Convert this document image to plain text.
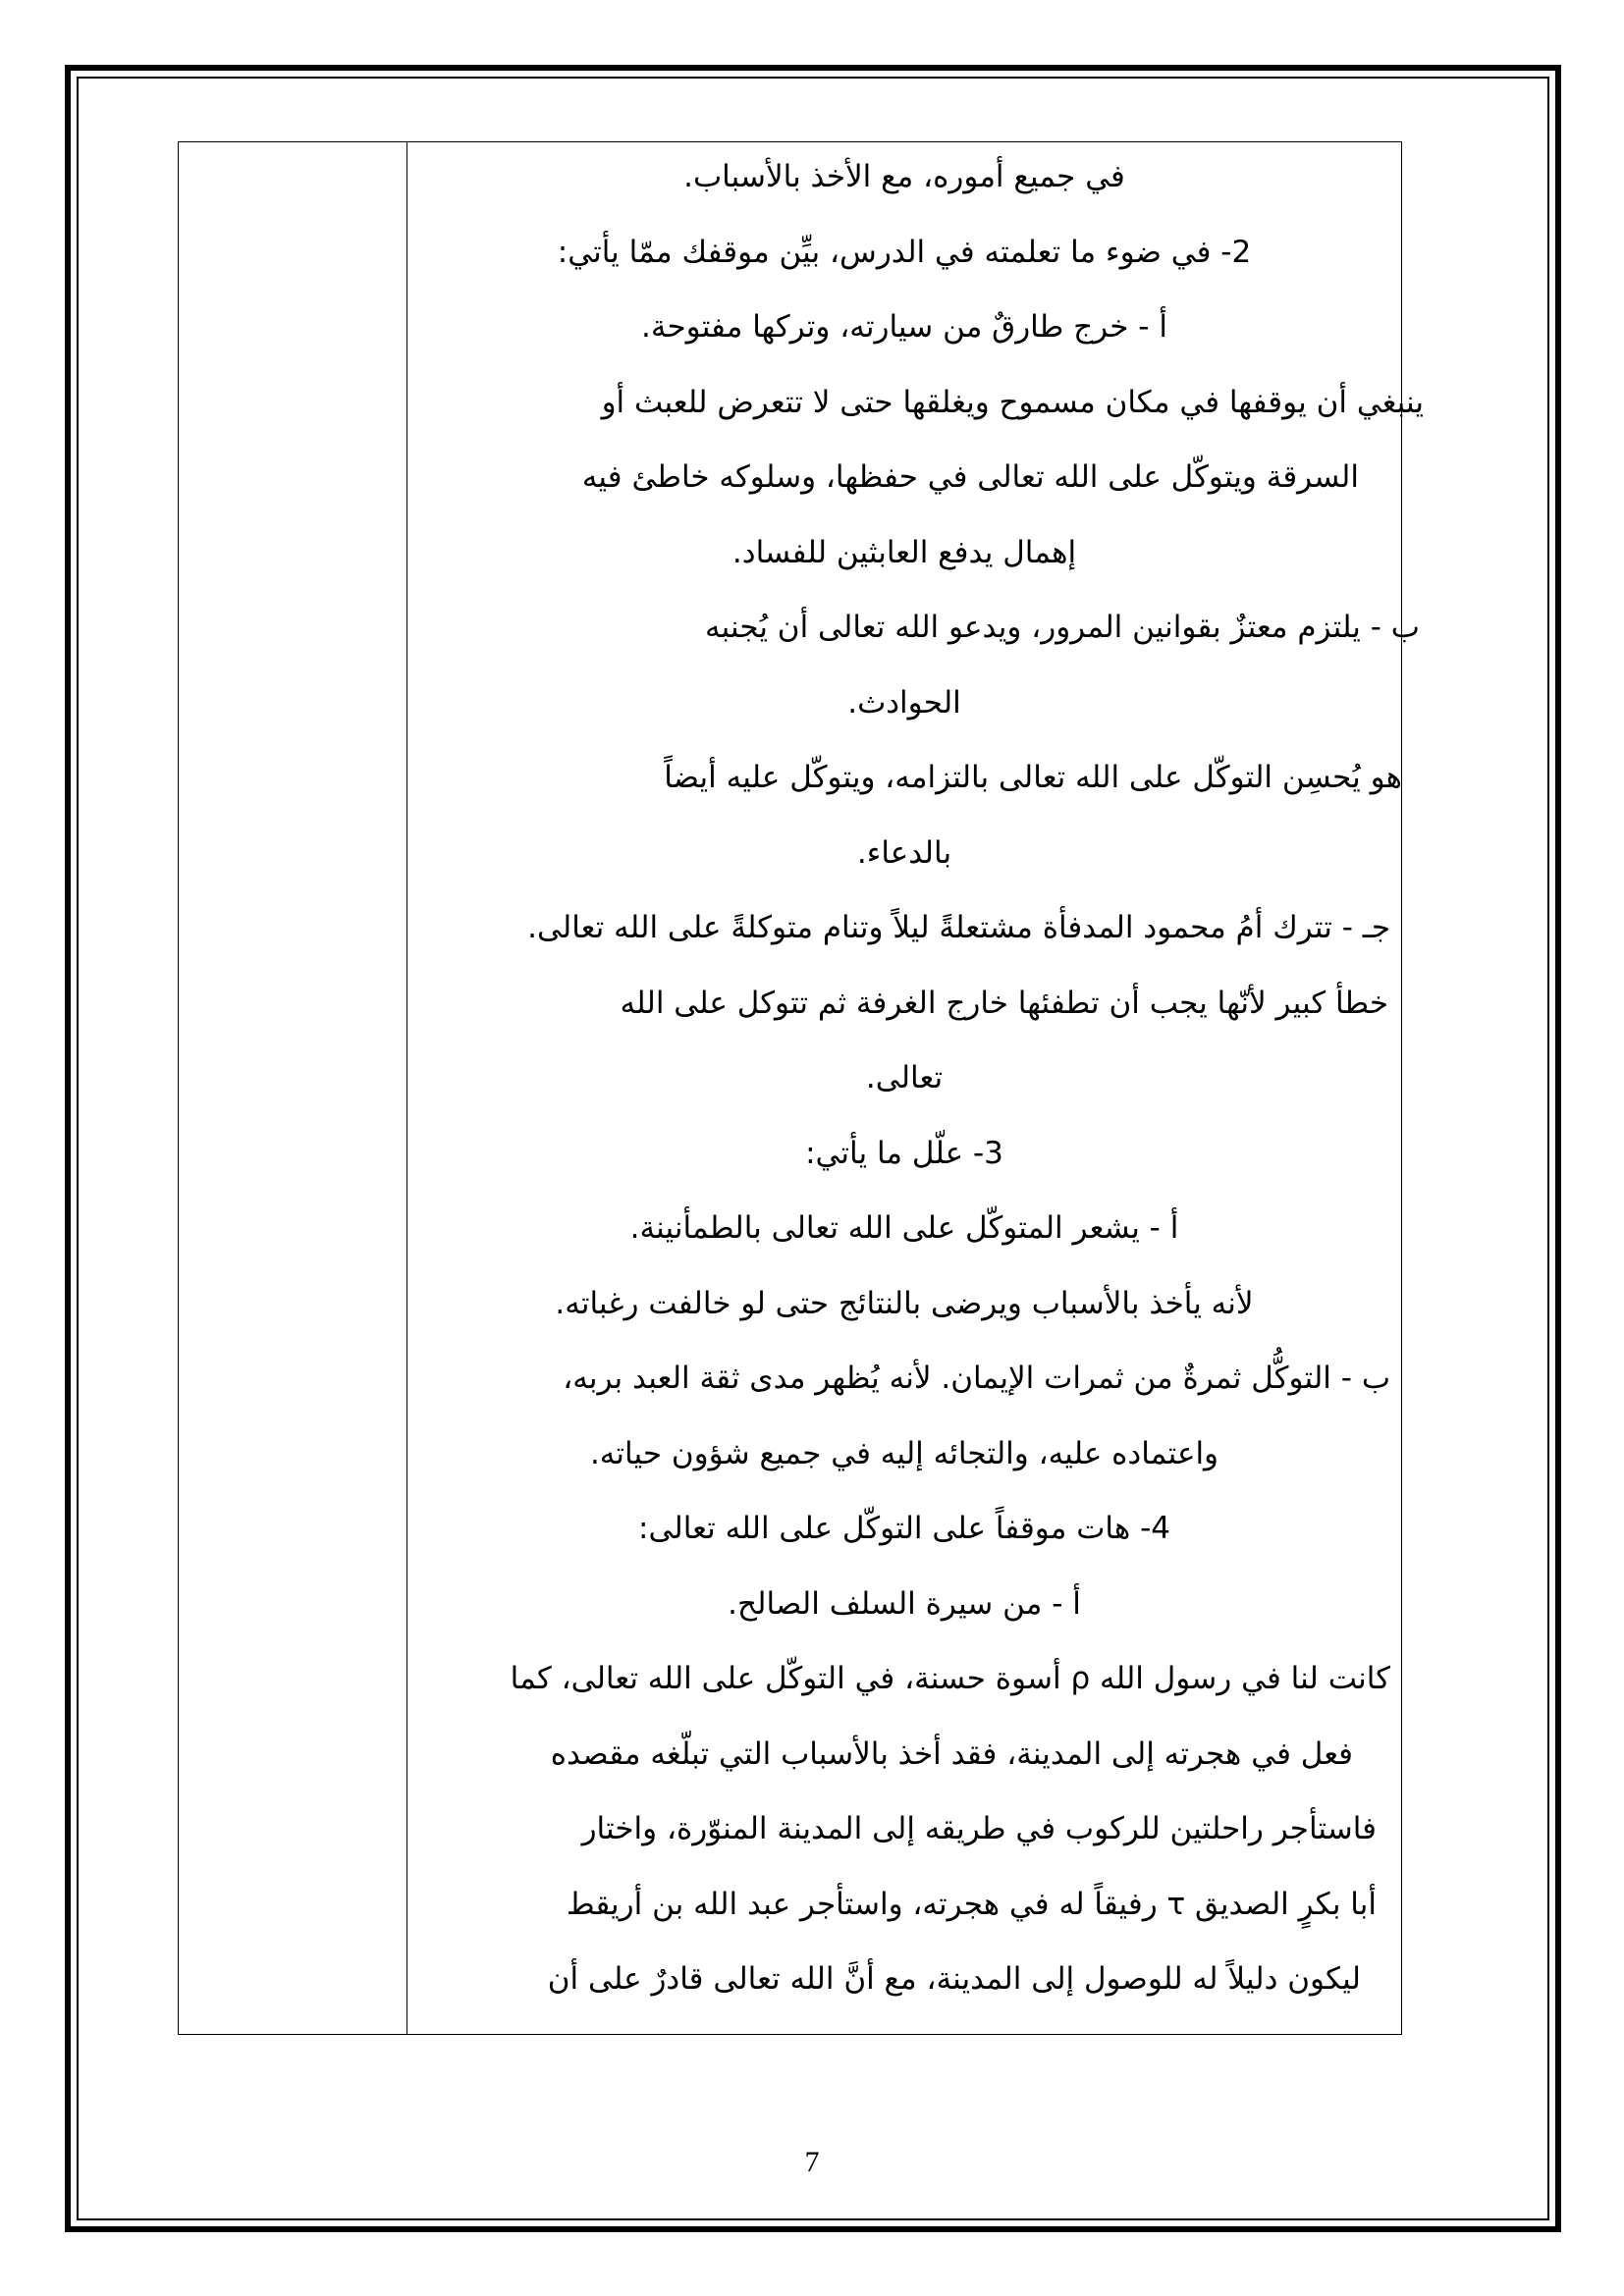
في جميع أموره، مع الأخذ بالأسباب.
2- في ضوء ما تعلمته في الدرس، بيِّن موقفك ممّا يأتي:
أ - خرج طارقٌ من سيارته، وتركها مفتوحة.
ينبغي أن يوقفها في مكان مسموح ويغلقها حتى لا تتعرض للعبث أو
السرقة ويتوكّل على الله تعالى في حفظها، وسلوكه خاطئ فيه
إهمال يدفع العابثين للفساد.
ب - يلتزم معتزٌ بقوانين المرور، ويدعو الله تعالى أن يُجنبه
الحوادث.
هو يُحسِن التوكّل على الله تعالى بالتزامه، ويتوكّل عليه أيضاً
بالدعاء.
جـ - تترك أمُ محمود المدفأة مشتعلةً ليلاً وتنام متوكلةً على الله تعالى.
خطأ كبير لأنّها يجب أن تطفئها خارج الغرفة ثم تتوكل على الله
تعالى.
3- علّل ما يأتي:
أ - يشعر المتوكّل على الله تعالى بالطمأنينة.
لأنه يأخذ بالأسباب ويرضى بالنتائج حتى لو خالفت رغباته.
ب - التوكُّل ثمرةٌ من ثمرات الإيمان. لأنه يُظهر مدى ثقة العبد بربه،
واعتماده عليه، والتجائه إليه في جميع شؤون حياته.
4- هات موقفاً على التوكّل على الله تعالى:
أ - من سيرة السلف الصالح.
كانت لنا في رسول الله ρ أسوة حسنة، في التوكّل على الله تعالى، كما
فعل في هجرته إلى المدينة، فقد أخذ بالأسباب التي تبلّغه مقصده
فاستأجر راحلتين للركوب في طريقه إلى المدينة المنوّرة، واختار
أبا بكرٍ الصديق τ رفيقاً له في هجرته، واستأجر عبد الله بن أريقط
ليكون دليلاً له للوصول إلى المدينة، مع أنَّ الله تعالى قادرٌ على أن
7
